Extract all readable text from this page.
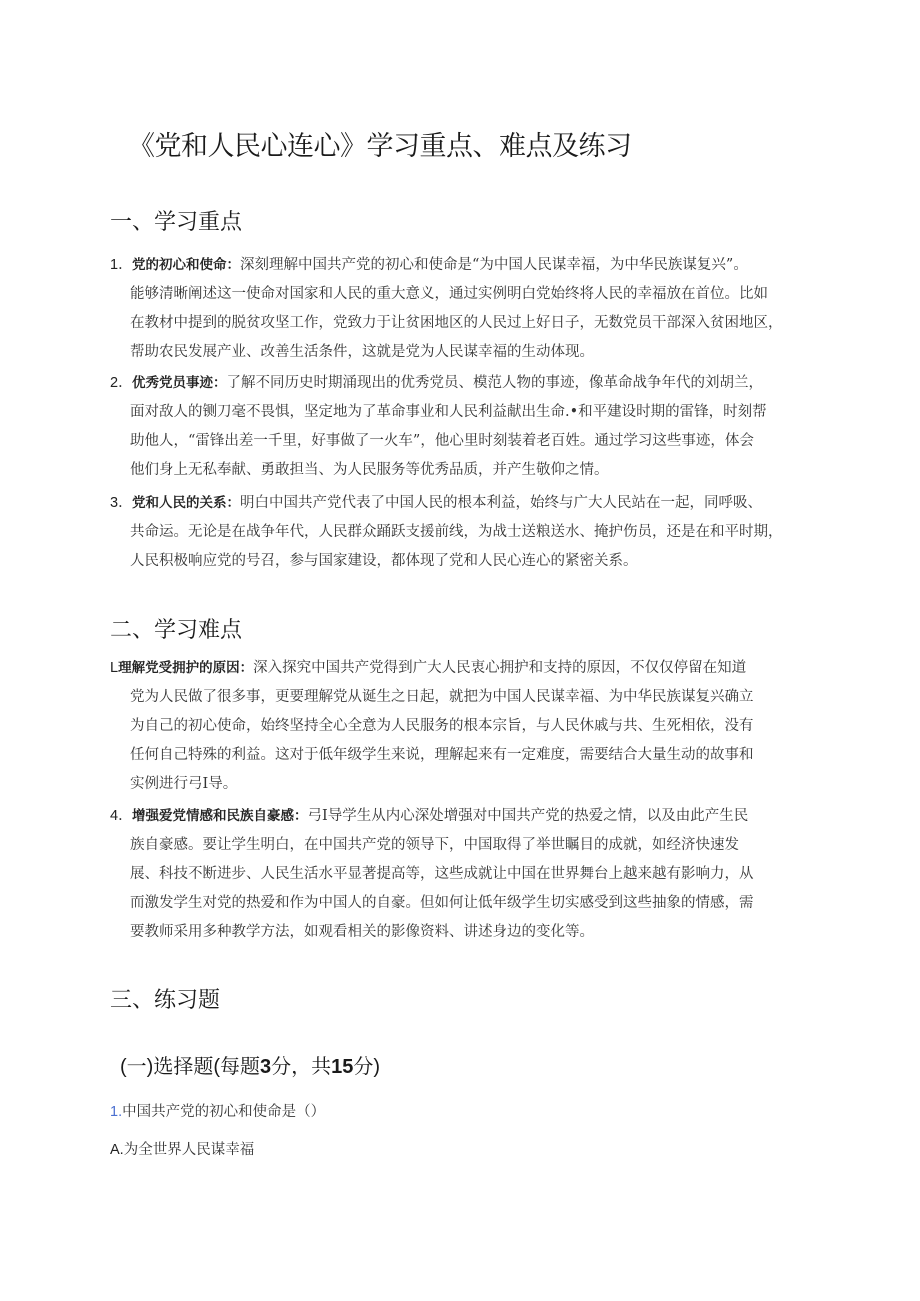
《党和人民心连心》学习重点、难点及练习
一、学习重点
1．党的初心和使命：深刻理解中国共产党的初心和使命是“为中国人民谋幸福，为中华民族谋复兴”。
能够清晰阐述这一使命对国家和人民的重大意义，通过实例明白党始终将人民的幸福放在首位。比如
在教材中提到的脱贫攻坚工作，党致力于让贫困地区的人民过上好日子，无数党员干部深入贫困地区，
帮助农民发展产业、改善生活条件，这就是党为人民谋幸福的生动体现。
2．优秀党员事迹：了解不同历史时期涌现出的优秀党员、模范人物的事迹，像革命战争年代的刘胡兰，
面对敌人的铡刀毫不畏惧，坚定地为了革命事业和人民利益献出生命.•和平建设时期的雷锋，时刻帮
助他人，“雷锋出差一千里，好事做了一火车”，他心里时刻装着老百姓。通过学习这些事迹，体会
他们身上无私奉献、勇敢担当、为人民服务等优秀品质，并产生敬仰之情。
3．党和人民的关系：明白中国共产党代表了中国人民的根本利益，始终与广大人民站在一起，同呼吸、
共命运。无论是在战争年代，人民群众踊跃支援前线，为战士送粮送水、掩护伤员，还是在和平时期，
人民积极响应党的号召，参与国家建设，都体现了党和人民心连心的紧密关系。
二、学习难点
L理解党受拥护的原因：深入探究中国共产党得到广大人民衷心拥护和支持的原因，不仅仅停留在知道
党为人民做了很多事，更要理解党从诞生之日起，就把为中国人民谋幸福、为中华民族谋复兴确立
为自己的初心使命，始终坚持全心全意为人民服务的根本宗旨，与人民休戚与共、生死相依，没有
任何自己特殊的利益。这对于低年级学生来说，理解起来有一定难度，需要结合大量生动的故事和
实例进行弓I导。
4．增强爱党情感和民族自豪感：弓I导学生从内心深处增强对中国共产党的热爱之情，以及由此产生民
族自豪感。要让学生明白，在中国共产党的领导下，中国取得了举世瞩目的成就，如经济快速发
展、科技不断进步、人民生活水平显著提高等，这些成就让中国在世界舞台上越来越有影响力，从
而激发学生对党的热爱和作为中国人的自豪。但如何让低年级学生切实感受到这些抽象的情感，需
要教师采用多种教学方法，如观看相关的影像资料、讲述身边的变化等。
三、练习题
(一)选择题(每题3分，共15分)
1.中国共产党的初心和使命是（）
A.为全世界人民谋幸福
